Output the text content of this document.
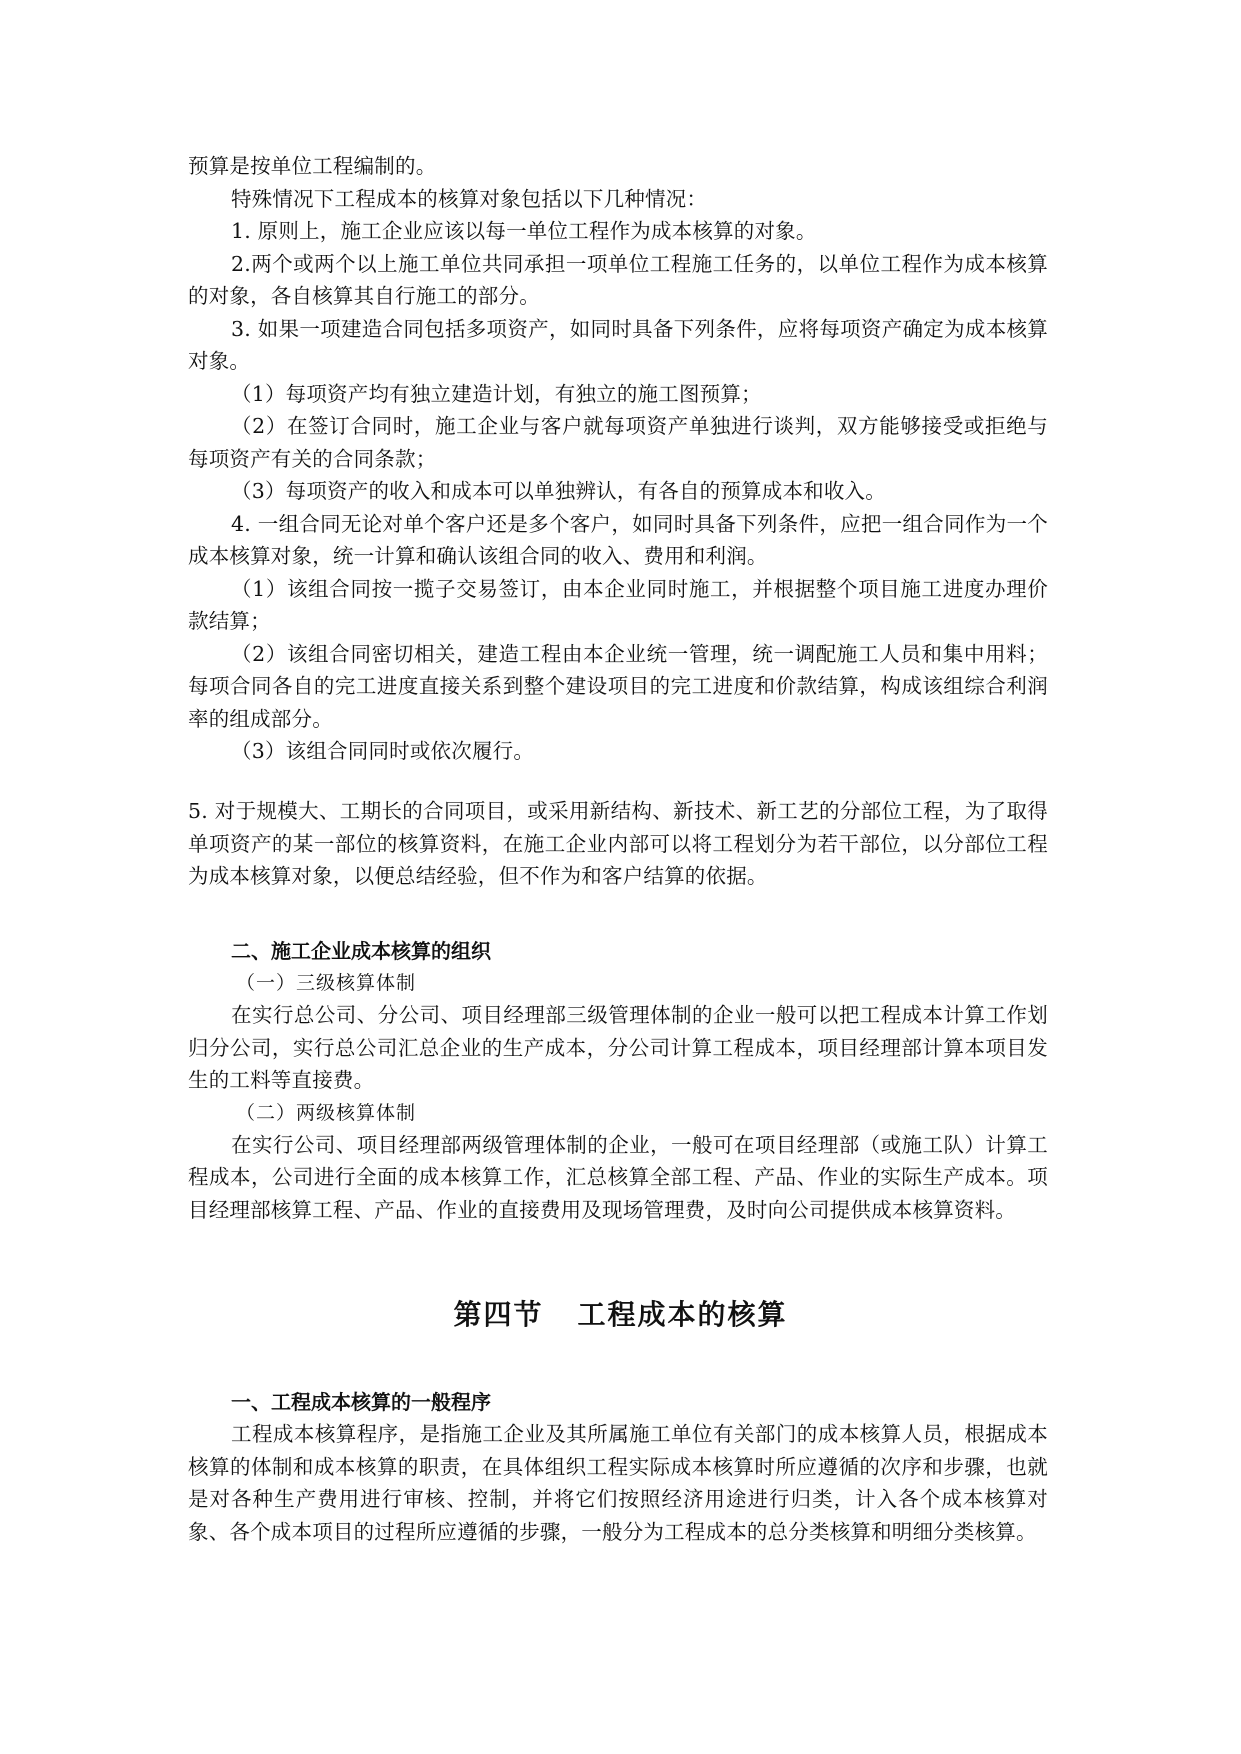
预算是按单位工程编制的。

特殊情况下工程成本的核算对象包括以下几种情况：

1. 原则上，施工企业应该以每一单位工程作为成本核算的对象。

2.两个或两个以上施工单位共同承担一项单位工程施工任务的，以单位工程作为成本核算的对象，各自核算其自行施工的部分。

3. 如果一项建造合同包括多项资产，如同时具备下列条件，应将每项资产确定为成本核算对象。

（1）每项资产均有独立建造计划，有独立的施工图预算；

（2）在签订合同时，施工企业与客户就每项资产单独进行谈判，双方能够接受或拒绝与每项资产有关的合同条款；

（3）每项资产的收入和成本可以单独辨认，有各自的预算成本和收入。

4. 一组合同无论对单个客户还是多个客户，如同时具备下列条件，应把一组合同作为一个成本核算对象，统一计算和确认该组合同的收入、费用和利润。

（1）该组合同按一揽子交易签订，由本企业同时施工，并根据整个项目施工进度办理价款结算；

（2）该组合同密切相关，建造工程由本企业统一管理，统一调配施工人员和集中用料；每项合同各自的完工进度直接关系到整个建设项目的完工进度和价款结算，构成该组综合利润率的组成部分。

（3）该组合同同时或依次履行。

5. 对于规模大、工期长的合同项目，或采用新结构、新技术、新工艺的分部位工程，为了取得单项资产的某一部位的核算资料，在施工企业内部可以将工程划分为若干部位，以分部位工程为成本核算对象，以便总结经验，但不作为和客户结算的依据。

二、施工企业成本核算的组织

（一）三级核算体制

在实行总公司、分公司、项目经理部三级管理体制的企业一般可以把工程成本计算工作划归分公司，实行总公司汇总企业的生产成本，分公司计算工程成本，项目经理部计算本项目发生的工料等直接费。

（二）两级核算体制

在实行公司、项目经理部两级管理体制的企业，一般可在项目经理部（或施工队）计算工程成本，公司进行全面的成本核算工作，汇总核算全部工程、产品、作业的实际生产成本。项目经理部核算工程、产品、作业的直接费用及现场管理费，及时向公司提供成本核算资料。

第四节 工程成本的核算

一、工程成本核算的一般程序

工程成本核算程序，是指施工企业及其所属施工单位有关部门的成本核算人员，根据成本核算的体制和成本核算的职责，在具体组织工程实际成本核算时所应遵循的次序和步骤，也就是对各种生产费用进行审核、控制，并将它们按照经济用途进行归类，计入各个成本核算对象、各个成本项目的过程所应遵循的步骤，一般分为工程成本的总分类核算和明细分类核算。
